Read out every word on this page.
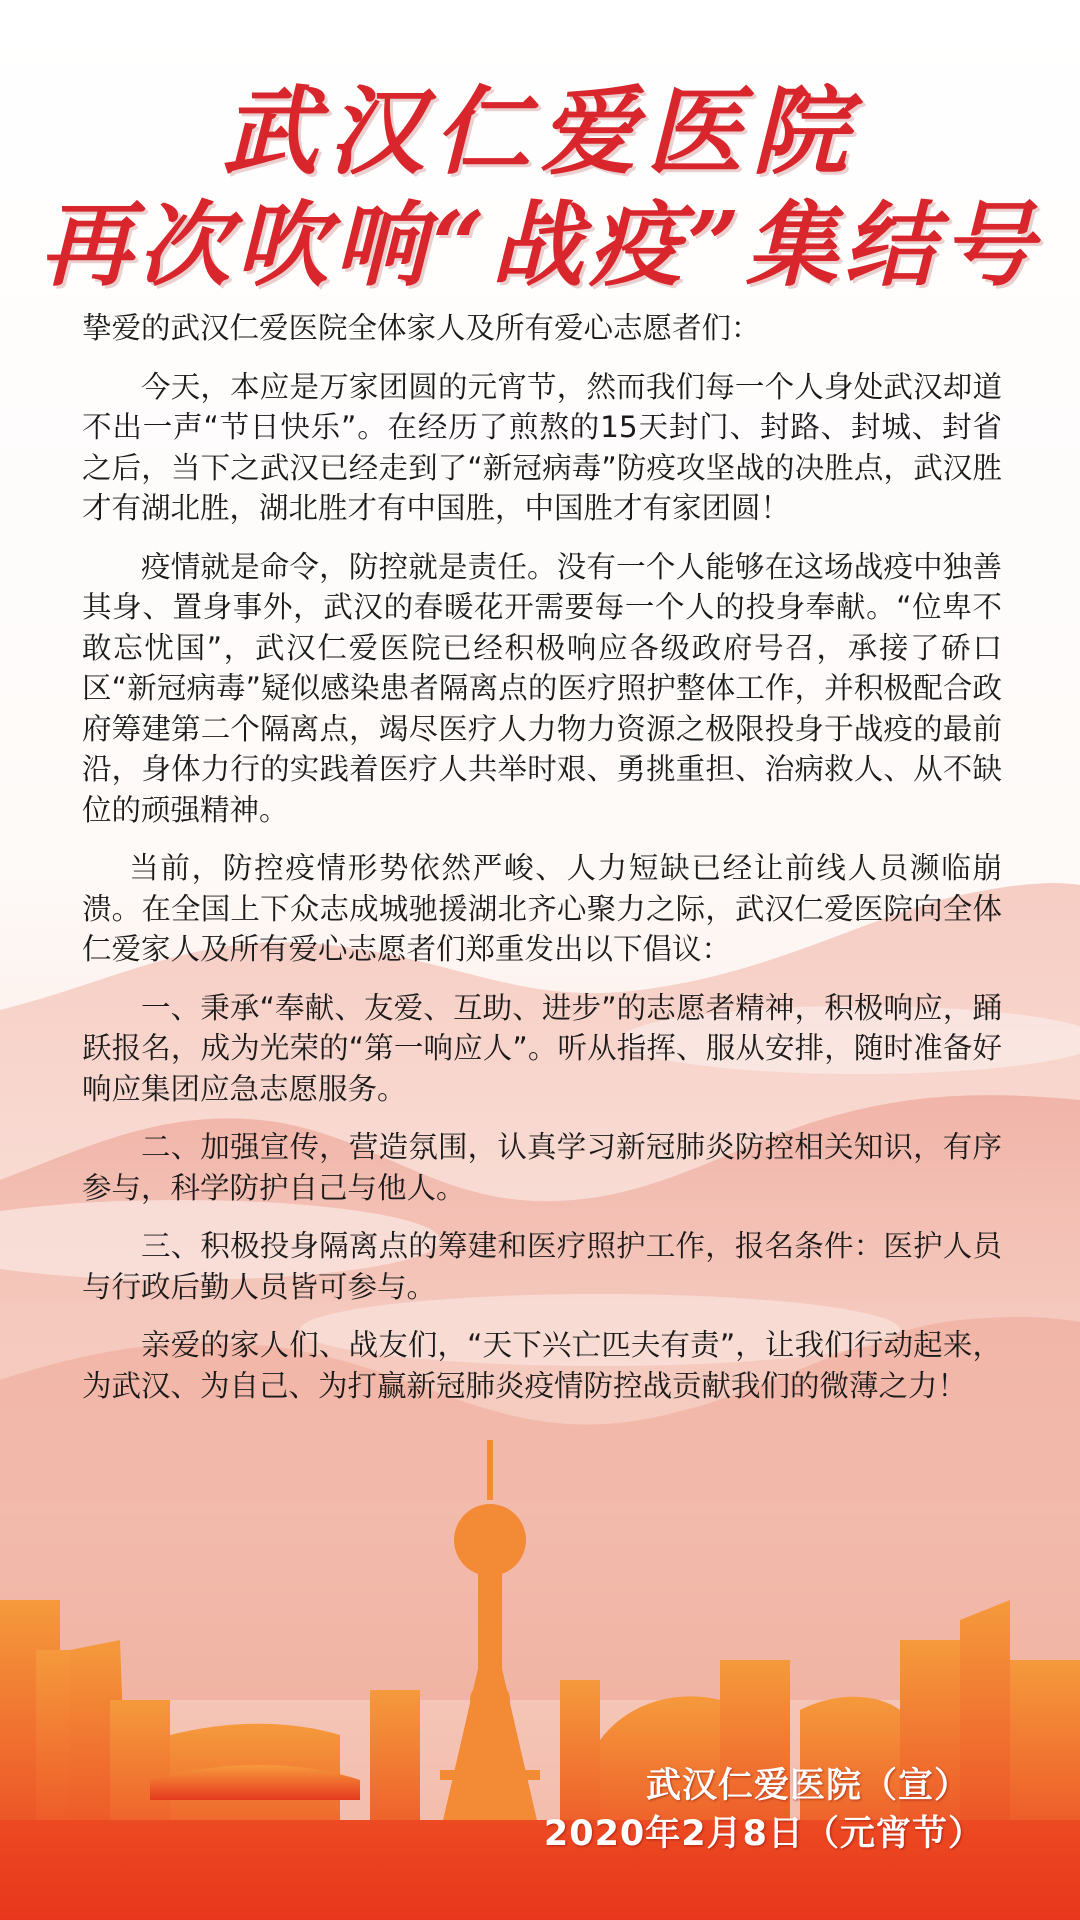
武汉仁爱医院
再次吹响“战疫”集结号

挚爱的武汉仁爱医院全体家人及所有爱心志愿者们：

今天，本应是万家团圆的元宵节，然而我们每一个人身处武汉却道不出一声“节日快乐”。在经历了煎熬的15天封门、封路、封城、封省之后，当下之武汉已经走到了“新冠病毒”防疫攻坚战的决胜点，武汉胜才有湖北胜，湖北胜才有中国胜，中国胜才有家团圆！

疫情就是命令，防控就是责任。没有一个人能够在这场战疫中独善其身、置身事外，武汉的春暖花开需要每一个人的投身奉献。“位卑不敢忘忧国”，武汉仁爱医院已经积极响应各级政府号召，承接了硚口区“新冠病毒”疑似感染患者隔离点的医疗照护整体工作，并积极配合政府筹建第二个隔离点，竭尽医疗人力物力资源之极限投身于战疫的最前沿，身体力行的实践着医疗人共举时艰、勇挑重担、治病救人、从不缺位的顽强精神。

当前，防控疫情形势依然严峻、人力短缺已经让前线人员濒临崩溃。在全国上下众志成城驰援湖北齐心聚力之际，武汉仁爱医院向全体仁爱家人及所有爱心志愿者们郑重发出以下倡议：

一、秉承“奉献、友爱、互助、进步”的志愿者精神，积极响应，踊跃报名，成为光荣的“第一响应人”。听从指挥、服从安排，随时准备好响应集团应急志愿服务。

二、加强宣传，营造氛围，认真学习新冠肺炎防控相关知识，有序参与，科学防护自己与他人。

三、积极投身隔离点的筹建和医疗照护工作，报名条件：医护人员与行政后勤人员皆可参与。

亲爱的家人们、战友们，“天下兴亡匹夫有责”，让我们行动起来，为武汉、为自己、为打赢新冠肺炎疫情防控战贡献我们的微薄之力！

武汉仁爱医院（宣）
2020年2月8日（元宵节）
